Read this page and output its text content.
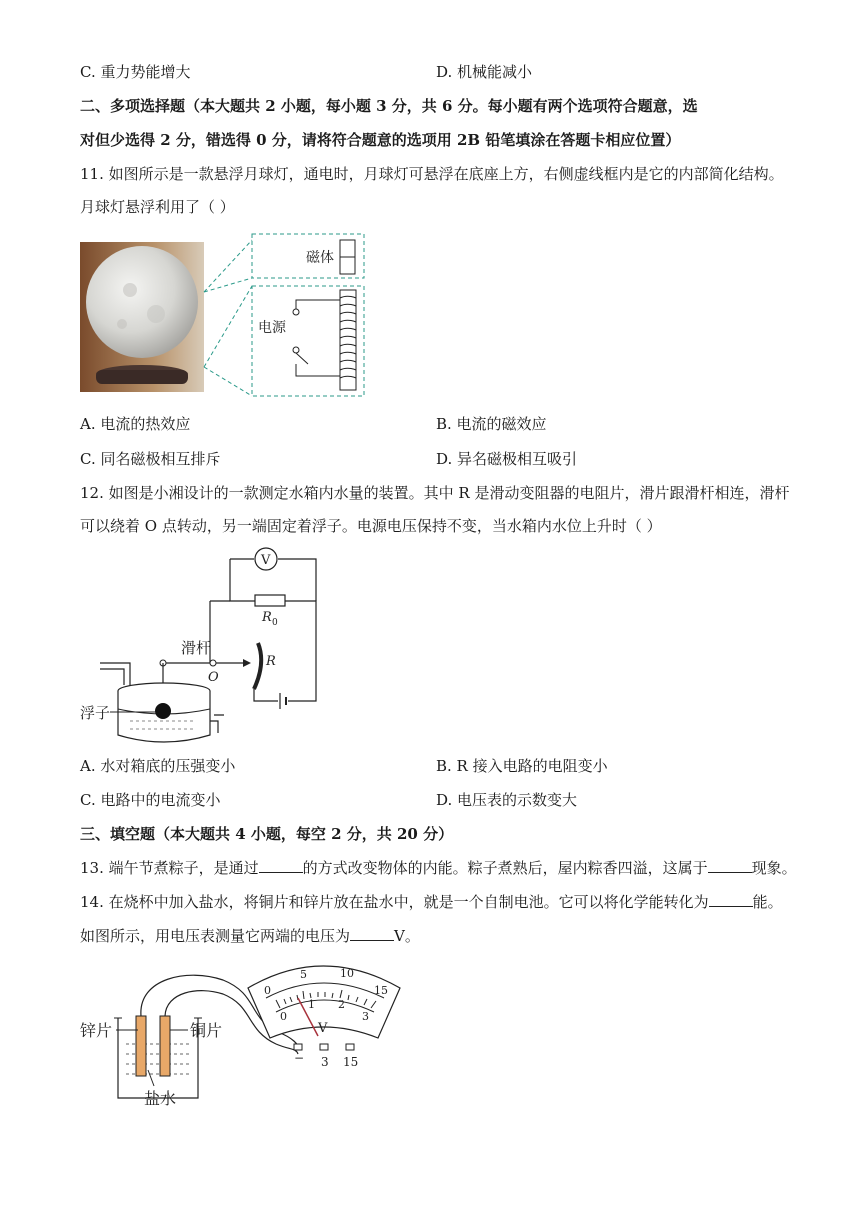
C. 重力势能增大	D. 机械能减小
二、多项选择题（本大题共 2 小题，每小题 3 分，共 6 分。每小题有两个选项符合题意，选
对但少选得 2 分，错选得 0 分，请将符合题意的选项用 2B 铅笔填涂在答题卡相应位置）
11. 如图所示是一款悬浮月球灯，通电时，月球灯可悬浮在底座上方，右侧虚线框内是它的内部简化结构。
月球灯悬浮利用了（ ）
磁体
电源
A. 电流的热效应	B. 电流的磁效应
C. 同名磁极相互排斥	D. 异名磁极相互吸引
12. 如图是小湘设计的一款测定水箱内水量的装置。其中 R 是滑动变阻器的电阻片，滑片跟滑杆相连，滑杆
可以绕着 O 点转动，另一端固定着浮子。电源电压保持不变，当水箱内水位上升时（ ）
V
R 0
滑杆
O
R
浮子
A. 水对箱底的压强变小	B. R 接入电路的电阻变小
C. 电路中的电流变小	D. 电压表的示数变大
三、填空题（本大题共 4 小题，每空 2 分，共 20 分）
13. 端午节煮粽子，是通过	的方式改变物体的内能。粽子煮熟后，屋内粽香四溢，这属于	现象。
14. 在烧杯中加入盐水，将铜片和锌片放在盐水中，就是一个自制电池。它可以将化学能转化为	能。
如图所示，用电压表测量它两端的电压为	V。
锌片	铜片
盐水
0
5	10
15
0
1 2
3
V
− 3 15
